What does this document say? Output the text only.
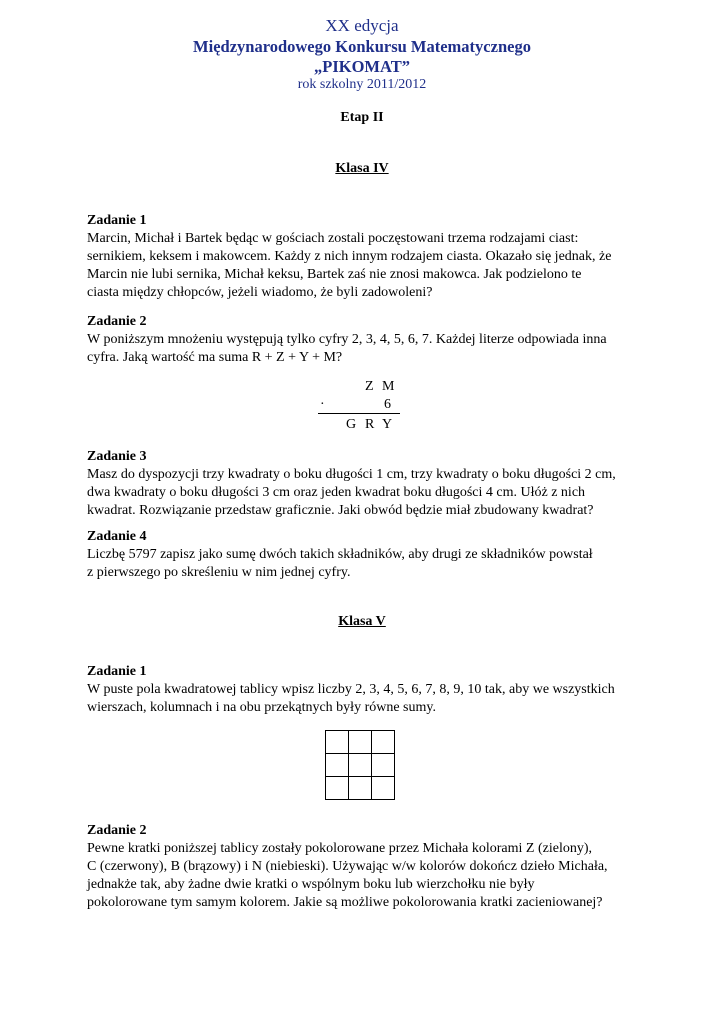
XX edycja
Międzynarodowego Konkursu Matematycznego
„PIKOMAT”
rok szkolny 2011/2012
Etap II
Klasa IV
Zadanie 1
Marcin, Michał i Bartek będąc w gościach zostali poczęstowani trzema rodzajami ciast:
sernikiem, keksem i makowcem. Każdy z nich innym rodzajem ciasta. Okazało się jednak, że
Marcin nie lubi sernika, Michał keksu, Bartek zaś nie znosi makowca. Jak podzielono te
ciasta między chłopców, jeżeli wiadomo, że byli zadowoleni?
Zadanie 2
W poniższym mnożeniu występują tylko cyfry 2, 3, 4, 5, 6, 7. Każdej literze odpowiada inna
cyfra. Jaką wartość ma suma R + Z + Y + M?
Z M
·	6
G R Y
Zadanie 3
Masz do dyspozycji trzy kwadraty o boku długości 1 cm, trzy kwadraty o boku długości 2 cm,
dwa kwadraty o boku długości 3 cm oraz jeden kwadrat boku długości 4 cm. Ułóż z nich
kwadrat. Rozwiązanie przedstaw graficznie. Jaki obwód będzie miał zbudowany kwadrat?
Zadanie 4
Liczbę 5797 zapisz jako sumę dwóch takich składników, aby drugi ze składników powstał
z pierwszego po skreśleniu w nim jednej cyfry.
Klasa V
Zadanie 1
W puste pola kwadratowej tablicy wpisz liczby 2, 3, 4, 5, 6, 7, 8, 9, 10 tak, aby we wszystkich
wierszach, kolumnach i na obu przekątnych były równe sumy.

Zadanie 2
Pewne kratki poniższej tablicy zostały pokolorowane przez Michała kolorami Z (zielony),
C (czerwony), B (brązowy) i N (niebieski). Używając w/w kolorów dokończ dzieło Michała,
jednakże tak, aby żadne dwie kratki o wspólnym boku lub wierzchołku nie były
pokolorowane tym samym kolorem. Jakie są możliwe pokolorowania kratki zacieniowanej?
